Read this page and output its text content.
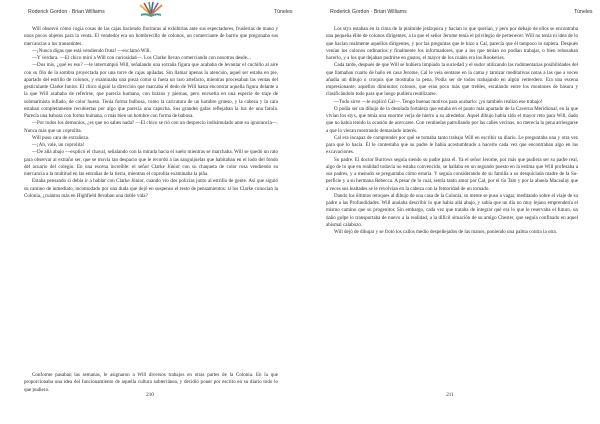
Roderick Gordon · Brian Williams	Túneles

Will observó cómo cogía cosas de las cajas haciendo florituras al exhibirlas ante sus espectadores, fruslerías de mano y unos pocos objetos para la venta. El vendedor era un hombrecillo de colonos, un comerciante de barrio que pregonaba sus mercancías a los transeúntes.

—¡Nunca digas que está vendiendo fruta! —exclamó Will.

—Y verdura. —El chico miró a Will con curiosidad—. Los Clarke llevan comerciando con nosotros desde...

—Dos mis, ¿qué es eso? —le interrumpió Will, señalando una extraña figura que acababa de levantar el cuchillo al aire con su filo de la sombra proyectada por una torre de cajas apiladas. Sin llamar apenas la atención, aquel ser estaba en pie, apartado del estrillo de colonos, y examinaba una pieza como si fuera un raro artefacto, mientras procesaban las ventas del gesticulante Clarke Junior. El chico siguió la dirección que marcaba el dedo de Will hasta encontrar aquella figura delante a la que Will acababa de referirse, que parecía humana, con brazos y piernas, pero envuelta en una especie de traje de submarinista inflado, de color hueso. Tenía forma bulbosa, como la caricatura de un hombre grueso, y la cabeza y la cara estaban completamente recubiertas por algo que parecía una capucha. Sus grandes gafas reflejaban la luz de una farola. Parecía una babosa con forma humana, o más bien un hombre con forma de babosa.

—Por todos los demonios, ¿es que no sabes nada? —El chico se rió con un desprecio indisimulado ante su ignorancia—. Nunca más que un coprolita.

Will puso cara de extrañeza.

—¡Ah, vale, un coprolita!

—De allá abajo —explicó el chaval, señalando con la mirada hacia el suelo mientras se marchaba. Will se quedó un rato para observar al extraño ser, que se movía tan despacio que le recordó a las sanguijuelas que habitaban en el lodo del fondo del acuario del colegio. En una escena increíble: el señor Clarke Júnior con su chaqueta de color rosa vendiendo su mercancía a la multitud en las entrañas de la tierra, mientras el coprolita examinaba la piña.

Estaba pensando si debía ir a hablar con Clarke Júnior, cuando vio dos policías junto al estrillo de gente. Así que siguió su camino de inmediato, incomodado por una duda que dejó en suspenso el resto de pensamientos: si los Clarke conocían la Colonia, ¿cuántos más en Highfield llevaban una doble vida?

Conforme pasaban las semanas, le asignaron a Will diversos trabajos en otras partes de la Colonia. En la que proporcionaba una idea del funcionamiento de aquella cultura subterránea, y decidió poner por escrito en su diario todo lo que pudiera.

210
Roderick Gordon · Brian Williams	Túneles

Los styx estaban en la cima de la pirámide jerárquica y hacían lo que querían, y pero por debajo de ellos se encontraba una pequeña élite de colonos dirigentes, a la que el señor Jerome tenía el privilegio de pertenecer. Will no tenía ni idea de lo que hacían realmente aquellos dirigentes, y por las preguntas que le hizo a Cal, parecía que él tampoco lo supiera. Después venían los colonos ordinarios y finalmente los informadores, que a los que tenían no podían trabajar, o bien rehusaban hacerlo, y a los que dejaban pudrirse en gustos, el mayor de los cuales era los Rookeries.

Cada tarde, después de que Will se hubiera limpiado la suciedad y el sudor utilizando las rudimentarias posibilidades del que llamaban cuarto de baño en casa Jerome, Cal le veía sentarse en la cama y tamizar meditativas notas a las que a veces añadía un dibujo o croquis que mostraba la pena. Podía ser de todos trabajando en algún verterdero. Era una escena impresionante: aquellos diminutos colonos, que eran poco más que trebles, escalando entre los montones de basura y clasificándolo todo para que luego pudiera reutilizarse.

—Todo sirve —le explicó Cal—. Tengo buenas motivos para acabarlo: ¡yo también realizo ese trabajo!

O podía ser un dibujo de la desolada fortaleza que estaba en el punto más apartado de la Caverna Meridional, en la que vivían los styx, que tenía una enorme verja de hierro a su alrededor. Aquel dibujo había sido el mayor reto para Will, dado que no había tenido la ocasión de acercarse. Con centinelas patrullando por las calles vecinas, no merecía la pena arriesgarse a que lo vieran mostrando demasiado interés.

Cal era incapaz de comprender por qué se tomaba tanto trabajo Will en escribir su diario. Le preguntaba una y otra vez para qué lo hacía. Él le contestaba que su padre le había acostumbrado a hacerlo cada vez que encontraban algo en las excavaciones.

Su padre. El doctor Burrows seguía siendo su padre para él. Ya el señor Jerome, por más que pudiera ser su padre real, algo de lo que en realidad todavía no estaba convencido, se hallaba en un segundo puesto en la estima que Will profesaba a sus padres, y a menudo se preguntaba cómo estaría. Y seguía considerando de su familia a su desquiciada madre de la Su-perficie y a su hermana Rebecca. A pesar de lo cual, sentía tanto amor por Cal, por el tío Tam y por la abuela Macaulay que a veces sus lealtades se le revolvían en la cabeza con la femoridad de un tornado.

Dando los últimos retoques al dibujo de una casa de la Colonia, su mente se puso a vagar, meditando sobre el viaje de su padre a las Profundidades. Will anulaba describir lo que había allá abajo, y sabía que un día no muy lejano emprendería el mismo camino que su progenitor. Sin embargo, cada vez que trataba de integrar qué era lo que le reservaba el futuro, un daño golpe lo transportaba de nuevo a la realidad, a la difícil situación de su amigo Chester, que seguía confinado en aquel abismal calabozo.

Will dejó de dibujar y se frotó los callos medio despellejados de las manos, poniendo una palma contra la otra.

211
